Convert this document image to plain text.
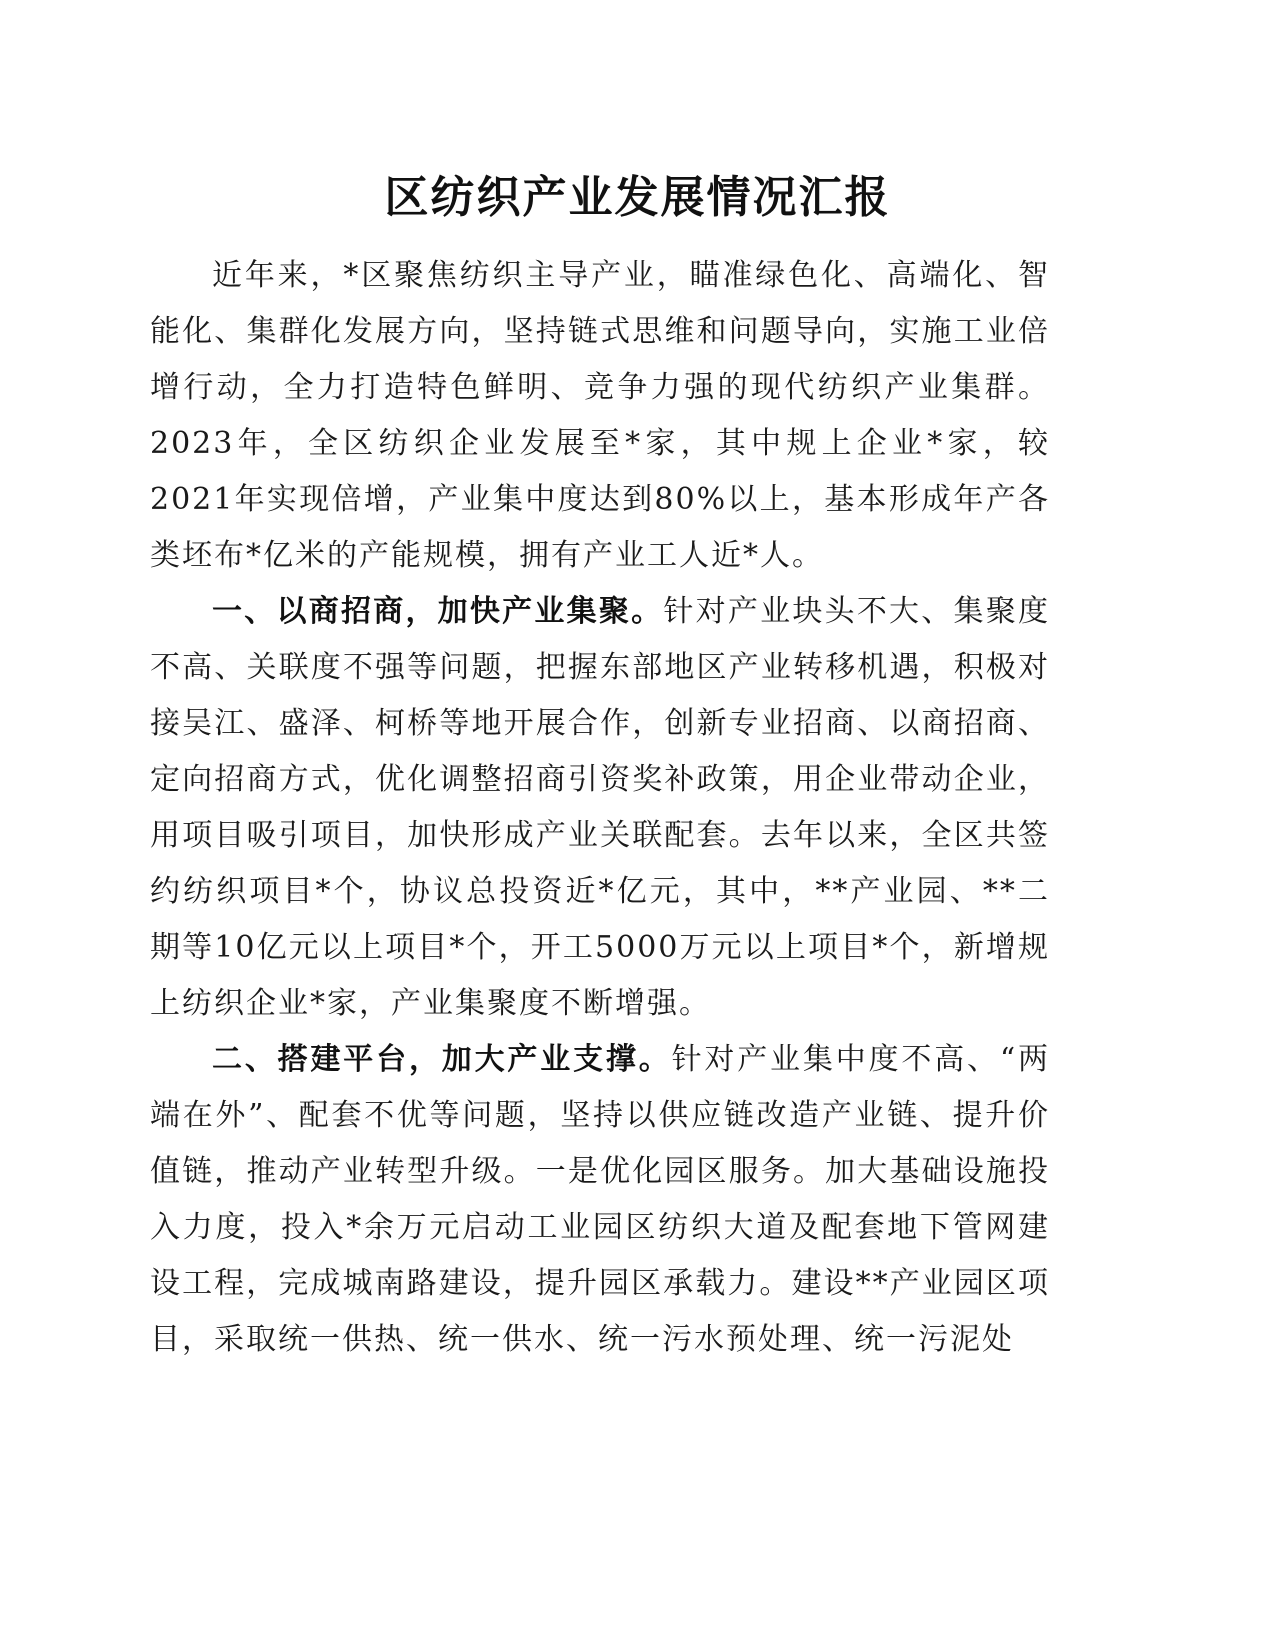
区纺织产业发展情况汇报

近年来，*区聚焦纺织主导产业，瞄准绿色化、高端化、智能化、集群化发展方向，坚持链式思维和问题导向，实施工业倍增行动，全力打造特色鲜明、竞争力强的现代纺织产业集群。2023年，全区纺织企业发展至*家，其中规上企业*家，较2021年实现倍增，产业集中度达到80%以上，基本形成年产各类坯布*亿米的产能规模，拥有产业工人近*人。

一、以商招商，加快产业集聚。针对产业块头不大、集聚度不高、关联度不强等问题，把握东部地区产业转移机遇，积极对接吴江、盛泽、柯桥等地开展合作，创新专业招商、以商招商、定向招商方式，优化调整招商引资奖补政策，用企业带动企业，用项目吸引项目，加快形成产业关联配套。去年以来，全区共签约纺织项目*个，协议总投资近*亿元，其中，**产业园、**二期等10亿元以上项目*个，开工5000万元以上项目*个，新增规上纺织企业*家，产业集聚度不断增强。

二、搭建平台，加大产业支撑。针对产业集中度不高、“两端在外”、配套不优等问题，坚持以供应链改造产业链、提升价值链，推动产业转型升级。一是优化园区服务。加大基础设施投入力度，投入*余万元启动工业园区纺织大道及配套地下管网建设工程，完成城南路建设，提升园区承载力。建设**产业园区项目，采取统一供热、统一供水、统一污水预处理、统一污泥处
